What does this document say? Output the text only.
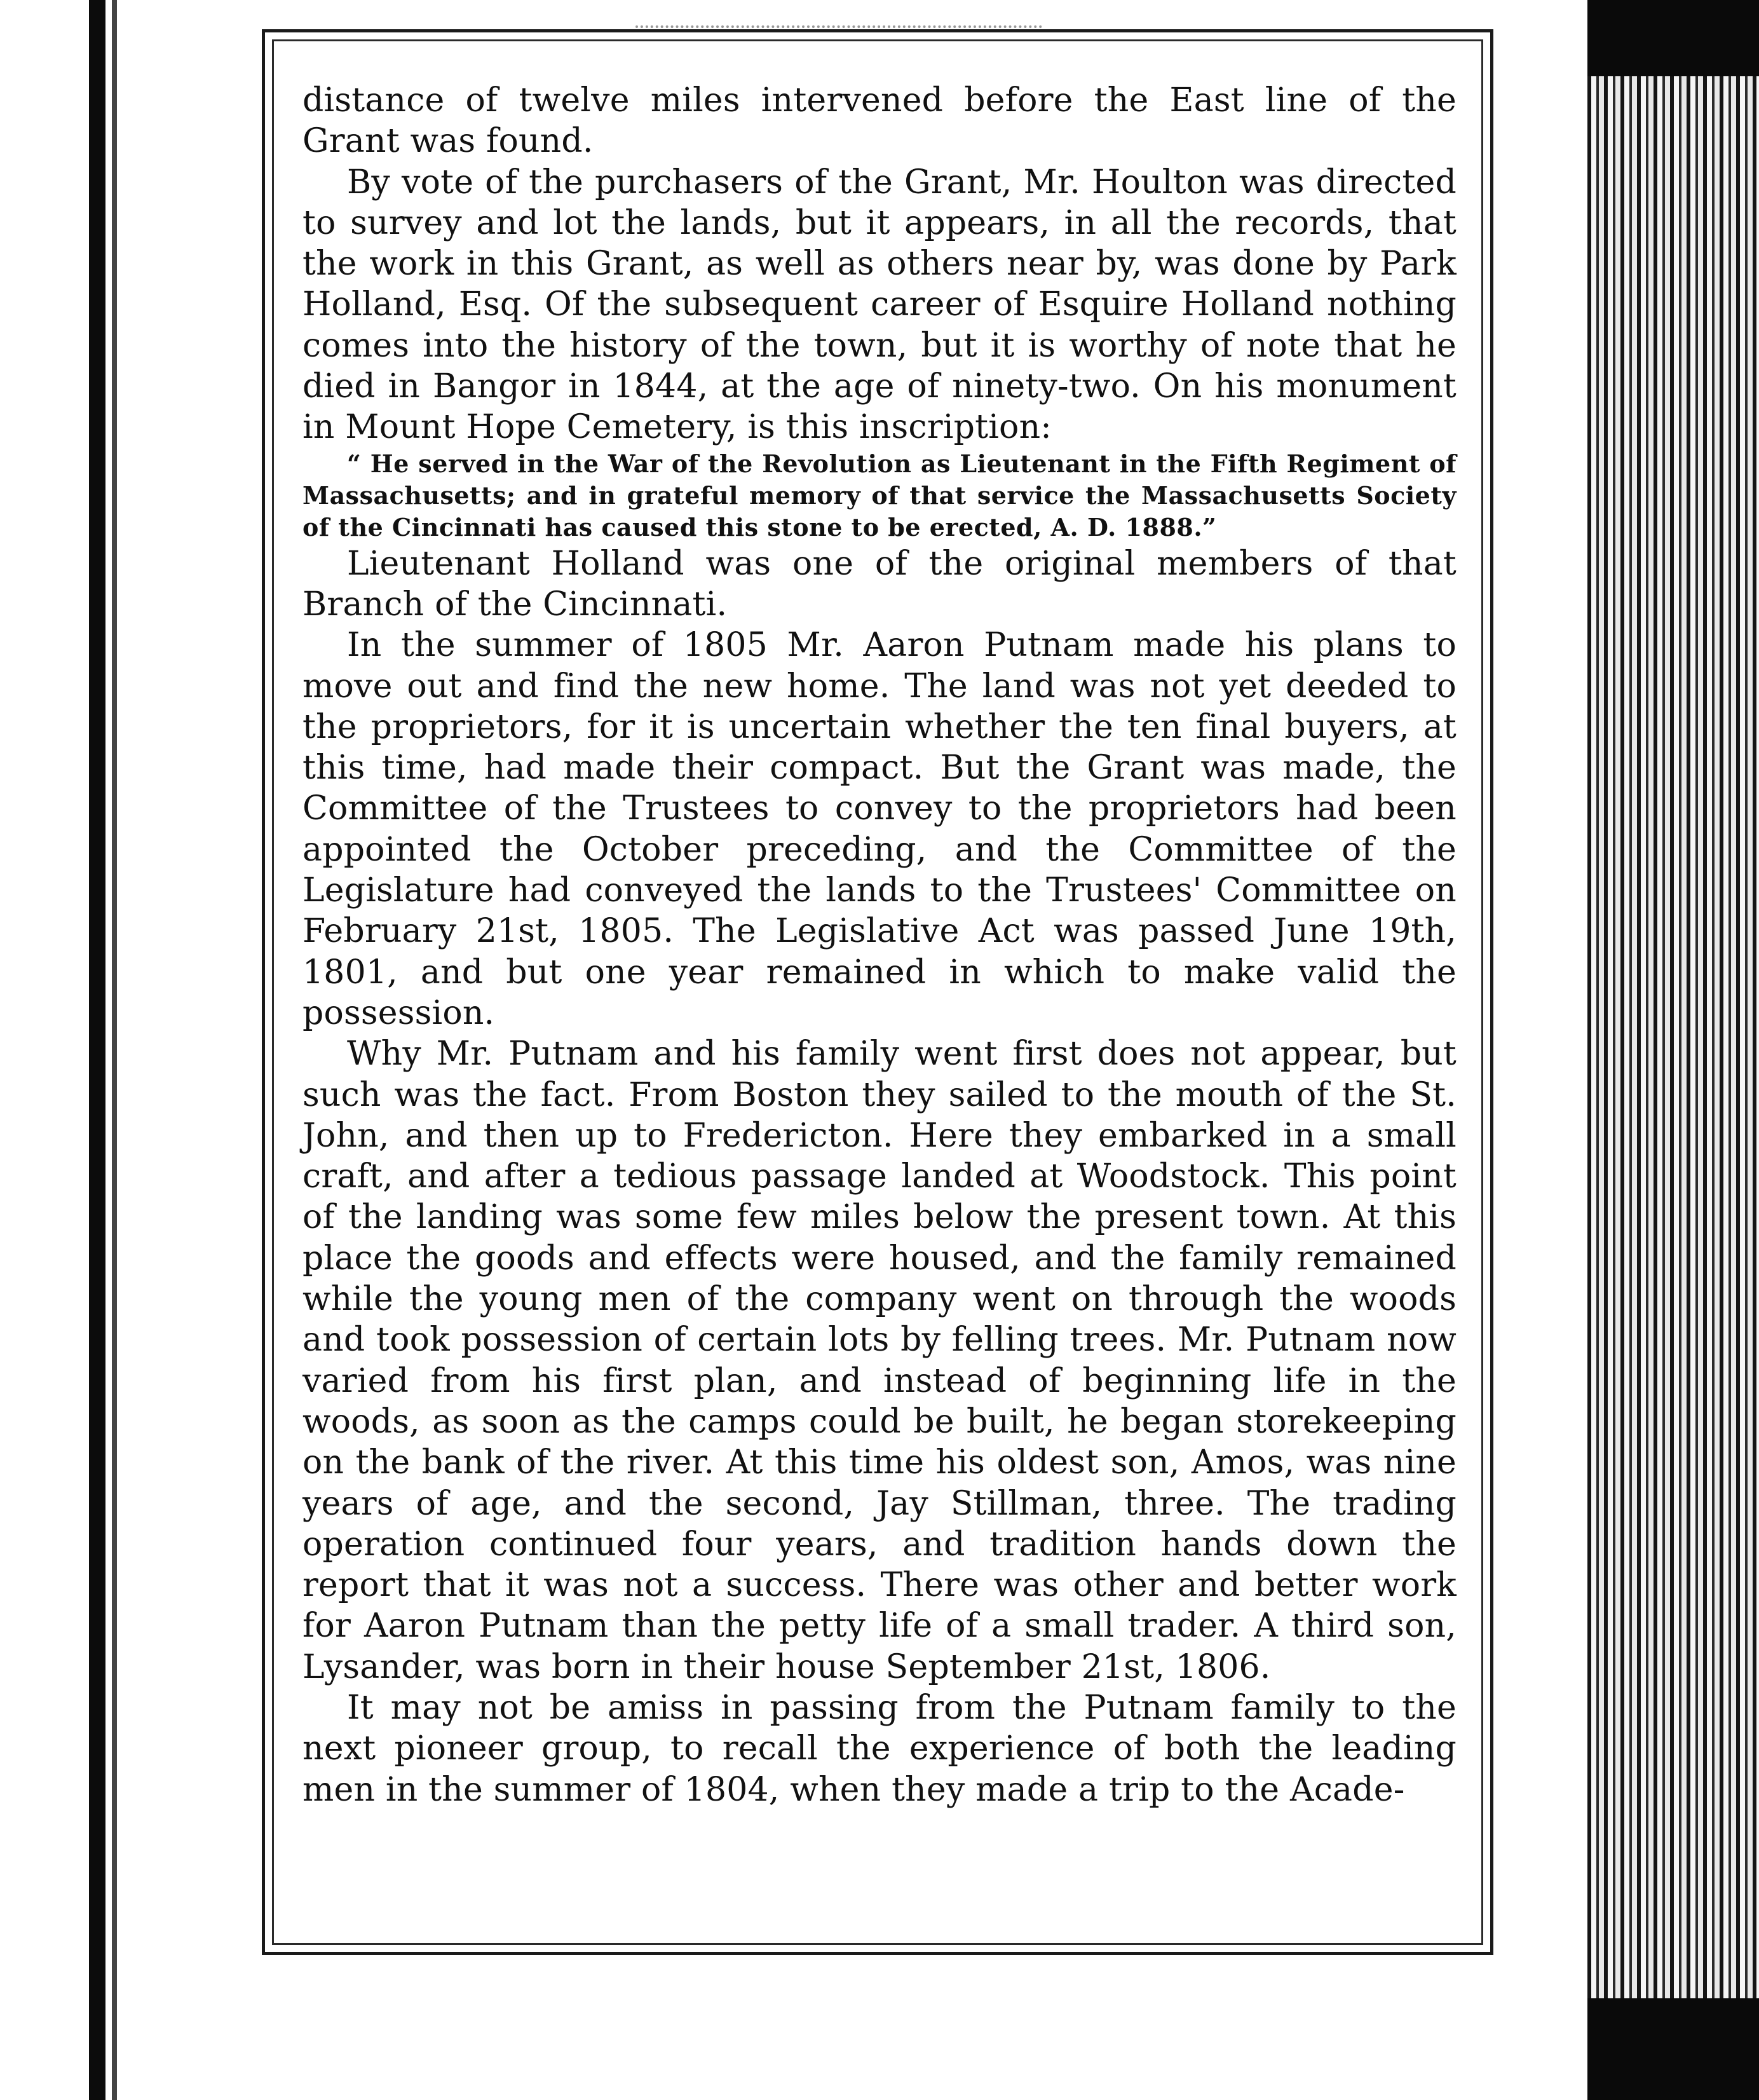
distance of twelve miles intervened before the East line of the Grant was found.

By vote of the purchasers of the Grant, Mr. Houlton was directed to survey and lot the lands, but it appears, in all the records, that the work in this Grant, as well as others near by, was done by Park Holland, Esq. Of the subsequent career of Esquire Holland nothing comes into the history of the town, but it is worthy of note that he died in Bangor in 1844, at the age of ninety-two. On his monument in Mount Hope Cemetery, is this inscription:

“ He served in the War of the Revolution as Lieutenant in the Fifth Regiment of Massachusetts; and in grateful memory of that service the Massachusetts Society of the Cincinnati has caused this stone to be erected, A. D. 1888.”

Lieutenant Holland was one of the original members of that Branch of the Cincinnati.

In the summer of 1805 Mr. Aaron Putnam made his plans to move out and find the new home. The land was not yet deeded to the proprietors, for it is uncertain whether the ten final buyers, at this time, had made their compact. But the Grant was made, the Committee of the Trustees to convey to the proprietors had been appointed the October preceding, and the Committee of the Legislature had conveyed the lands to the Trustees' Committee on February 21st, 1805. The Legislative Act was passed June 19th, 1801, and but one year remained in which to make valid the possession.

Why Mr. Putnam and his family went first does not appear, but such was the fact. From Boston they sailed to the mouth of the St. John, and then up to Fredericton. Here they embarked in a small craft, and after a tedious passage landed at Woodstock. This point of the landing was some few miles below the present town. At this place the goods and effects were housed, and the family remained while the young men of the company went on through the woods and took possession of certain lots by felling trees. Mr. Putnam now varied from his first plan, and instead of beginning life in the woods, as soon as the camps could be built, he began storekeeping on the bank of the river. At this time his oldest son, Amos, was nine years of age, and the second, Jay Stillman, three. The trading operation continued four years, and tradition hands down the report that it was not a success. There was other and better work for Aaron Putnam than the petty life of a small trader. A third son, Lysander, was born in their house September 21st, 1806.

It may not be amiss in passing from the Putnam family to the next pioneer group, to recall the experience of both the leading men in the summer of 1804, when they made a trip to the Acade-
